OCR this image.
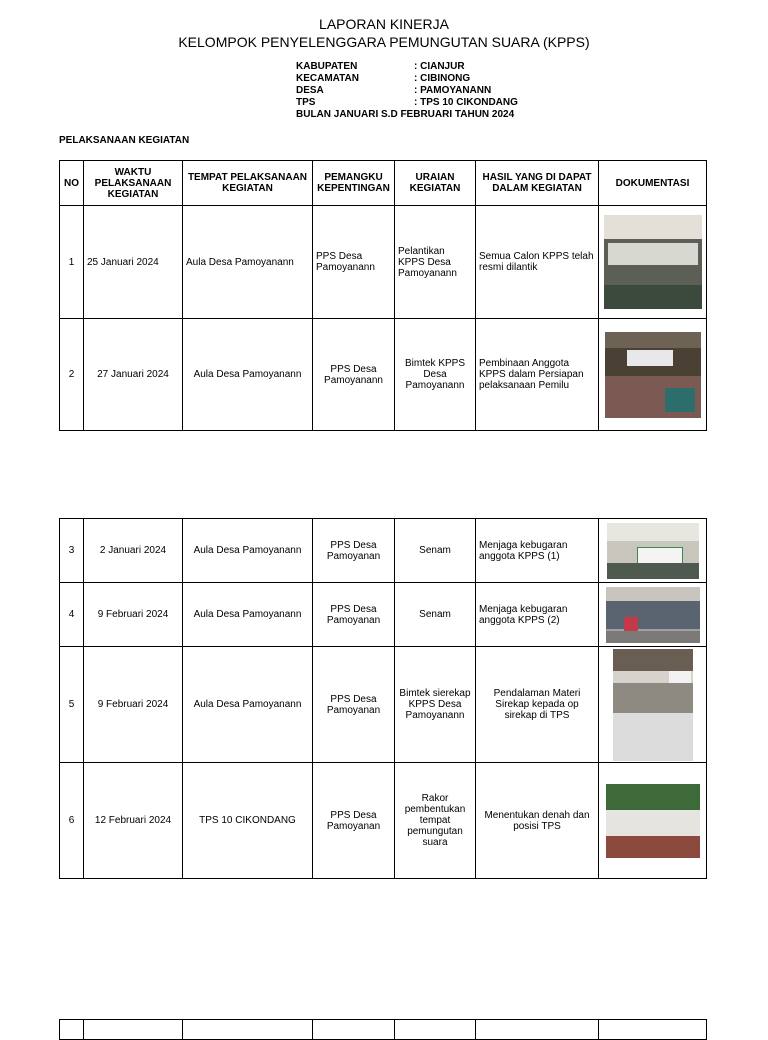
LAPORAN KINERJA
KELOMPOK PENYELENGGARA PEMUNGUTAN SUARA (KPPS)
KABUPATEN	: CIANJUR
KECAMATAN	: CIBINONG
DESA	: PAMOYANANN
TPS	: TPS 10 CIKONDANG
BULAN JANUARI S.D FEBRUARI TAHUN 2024
PELAKSANAAN KEGIATAN
NO	WAKTU PELAKSANAAN KEGIATAN	TEMPAT PELAKSANAAN KEGIATAN	PEMANGKU KEPENTINGAN	URAIAN KEGIATAN	HASIL YANG DI DAPAT DALAM KEGIATAN	DOKUMENTASI
1	25 Januari 2024	Aula Desa Pamoyanann	PPS Desa Pamoyanann	Pelantikan KPPS Desa Pamoyanann	Semua Calon KPPS telah resmi dilantik	

2	27 Januari 2024	Aula Desa Pamoyanann	PPS Desa Pamoyanann	Bimtek KPPS Desa Pamoyanann	Pembinaan Anggota KPPS dalam Persiapan pelaksanaan Pemilu	
3	2 Januari 2024	Aula Desa Pamoyanann	PPS Desa Pamoyanan	Senam	Menjaga kebugaran anggota KPPS (1)	

4	9 Februari 2024	Aula Desa Pamoyanann	PPS Desa Pamoyanan	Senam	Menjaga kebugaran anggota KPPS (2)	

5	9 Februari 2024	Aula Desa Pamoyanann	PPS Desa Pamoyanan	Bimtek sierekap KPPS Desa Pamoyanann	Pendalaman Materi Sirekap kepada op sirekap di TPS	

6	12 Februari 2024	TPS 10 CIKONDANG	PPS Desa Pamoyanan	Rakor pembentukan tempat pemungutan suara	Menentukan denah dan posisi TPS	
